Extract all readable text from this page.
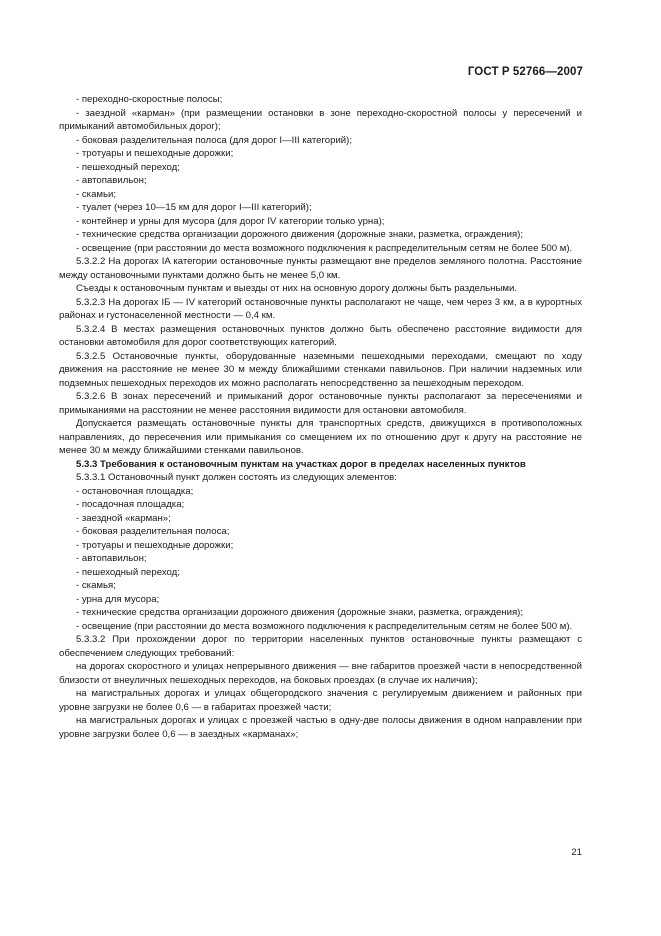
ГОСТ Р 52766—2007

- переходно-скоростные полосы;

- заездной «карман» (при размещении остановки в зоне переходно-скоростной полосы у пересечений и примыканий автомобильных дорог);

- боковая разделительная полоса (для дорог I—III категорий);

- тротуары и пешеходные дорожки;

- пешеходный переход;

- автопавильон;

- скамьи;

- туалет (через 10—15 км для дорог I—III категорий);

- контейнер и урны для мусора (для дорог IV категории только урна);

- технические средства организации дорожного движения (дорожные знаки, разметка, ограждения);

- освещение (при расстоянии до места возможного подключения к распределительным сетям не более 500 м).

5.3.2.2 На дорогах IA категории остановочные пункты размещают вне пределов земляного полотна. Расстояние между остановочными пунктами должно быть не менее 5,0 км.

Съезды к остановочным пунктам и выезды от них на основную дорогу должны быть раздельными.

5.3.2.3 На дорогах IБ — IV категорий остановочные пункты располагают не чаще, чем через 3 км, а в курортных районах и густонаселенной местности — 0,4 км.

5.3.2.4 В местах размещения остановочных пунктов должно быть обеспечено расстояние видимости для остановки автомобиля для дорог соответствующих категорий.

5.3.2.5 Остановочные пункты, оборудованные наземными пешеходными переходами, смещают по ходу движения на расстояние не менее 30 м между ближайшими стенками павильонов. При наличии надземных или подземных пешеходных переходов их можно располагать непосредственно за пешеходным переходом.

5.3.2.6 В зонах пересечений и примыканий дорог остановочные пункты располагают за пересечениями и примыканиями на расстоянии не менее расстояния видимости для остановки автомобиля.

Допускается размещать остановочные пункты для транспортных средств, движущихся в противоположных направлениях, до пересечения или примыкания со смещением их по отношению друг к другу на расстояние не менее 30 м между ближайшими стенками павильонов.

5.3.3 Требования к остановочным пунктам на участках дорог в пределах населенных пунктов

5.3.3.1 Остановочный пункт должен состоять из следующих элементов:

- остановочная площадка;

- посадочная площадка;

- заездной «карман»;

- боковая разделительная полоса;

- тротуары и пешеходные дорожки;

- автопавильон;

- пешеходный переход;

- скамья;

- урна для мусора;

- технические средства организации дорожного движения (дорожные знаки, разметка, ограждения);

- освещение (при расстоянии до места возможного подключения к распределительным сетям не более 500 м).

5.3.3.2 При прохождении дорог по территории населенных пунктов остановочные пункты размещают с обеспечением следующих требований:

на дорогах скоростного и улицах непрерывного движения — вне габаритов проезжей части в непосредственной близости от внеуличных пешеходных переходов, на боковых проездах (в случае их наличия);

на магистральных дорогах и улицах общегородского значения с регулируемым движением и районных при уровне загрузки не более 0,6 — в габаритах проезжей части;

на магистральных дорогах и улицах с проезжей частью в одну-две полосы движения в одном направлении при уровне загрузки более 0,6 — в заездных «карманах»;

21
